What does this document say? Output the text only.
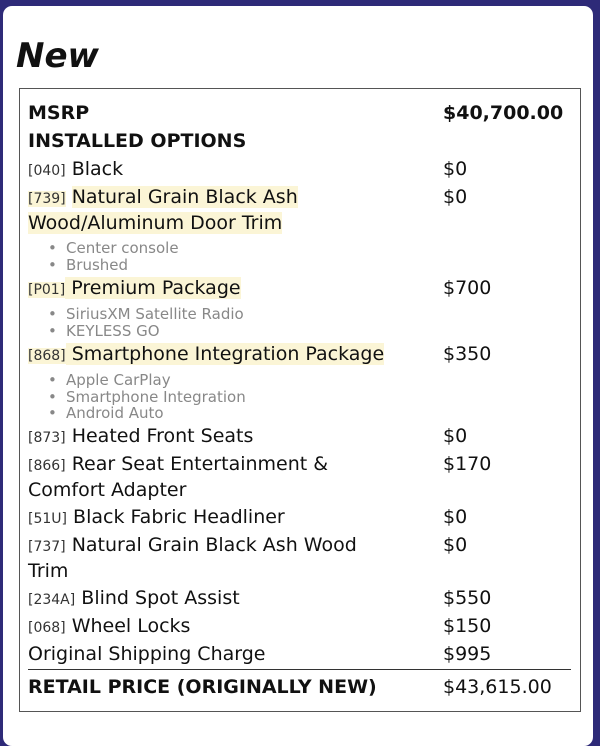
New
MSRP	$40,700.00
INSTALLED OPTIONS
[040] Black	$0
[739] Natural Grain Black Ash
Wood/Aluminum Door Trim
$0
• Center console
• Brushed
[P01] Premium Package	$700
• SiriusXM Satellite Radio
• KEYLESS GO
[868] Smartphone Integration Package	$350
• Apple CarPlay
• Smartphone Integration
• Android Auto
[873] Heated Front Seats	$0
[866] Rear Seat Entertainment &
Comfort Adapter
$170
[51U] Black Fabric Headliner	$0
[737] Natural Grain Black Ash Wood
Trim
$0
[234A] Blind Spot Assist	$550
[068] Wheel Locks	$150
Original Shipping Charge	$995
RETAIL PRICE (ORIGINALLY NEW)	$43,615.00
